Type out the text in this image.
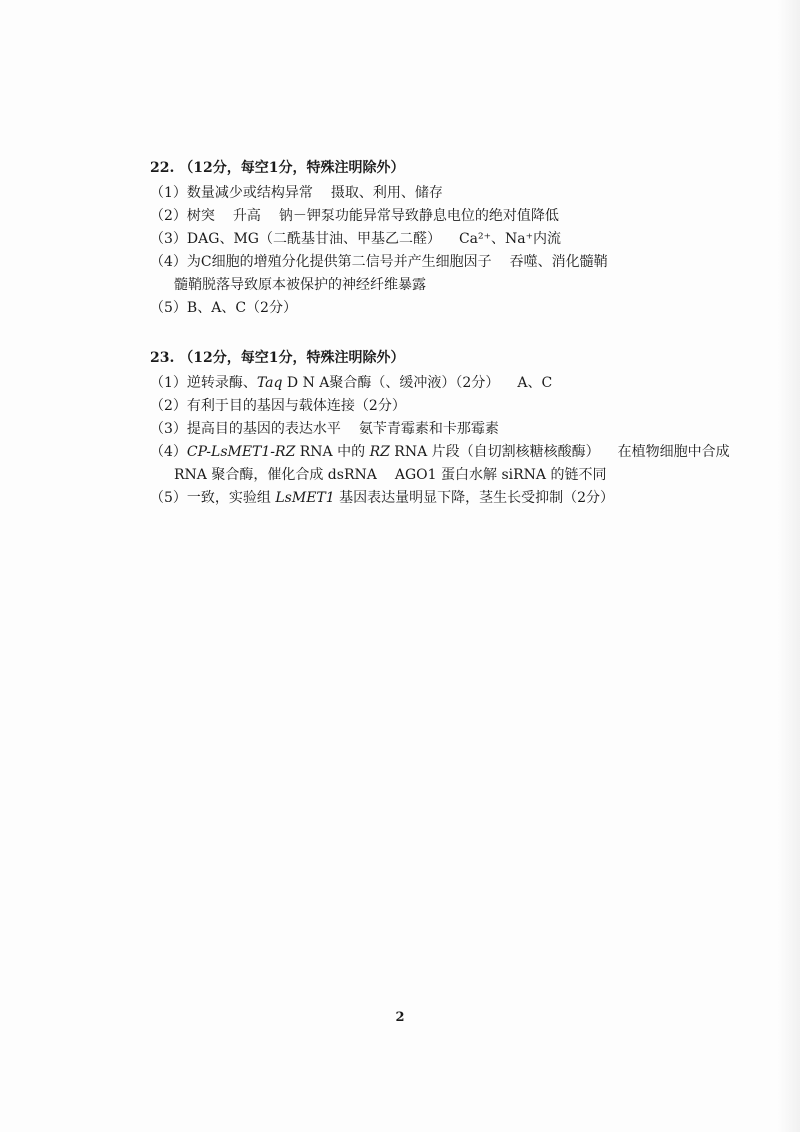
22. （12分，每空1分，特殊注明除外）
（1）数量减少或结构异常 摄取、利用、储存
（2）树突 升高 钠－钾泵功能异常导致静息电位的绝对值降低
（3）DAG、MG（二酰基甘油、甲基乙二醛） Ca²⁺、Na⁺内流
（4）为C细胞的增殖分化提供第二信号并产生细胞因子 吞噬、消化髓鞘
髓鞘脱落导致原本被保护的神经纤维暴露
（5）B、A、C（2分）
23. （12分，每空1分，特殊注明除外）
（1）逆转录酶、Taq D N A聚合酶（、缓冲液）（2分） A、C
（2）有利于目的基因与载体连接（2分）
（3）提高目的基因的表达水平 氨苄青霉素和卡那霉素
（4）CP-LsMET1-RZ RNA 中的 RZ RNA 片段（自切割核糖核酸酶） 在植物细胞中合成
RNA 聚合酶，催化合成 dsRNA AGO1 蛋白水解 siRNA 的链不同
（5）一致，实验组 LsMET1 基因表达量明显下降，茎生长受抑制（2分）
2
